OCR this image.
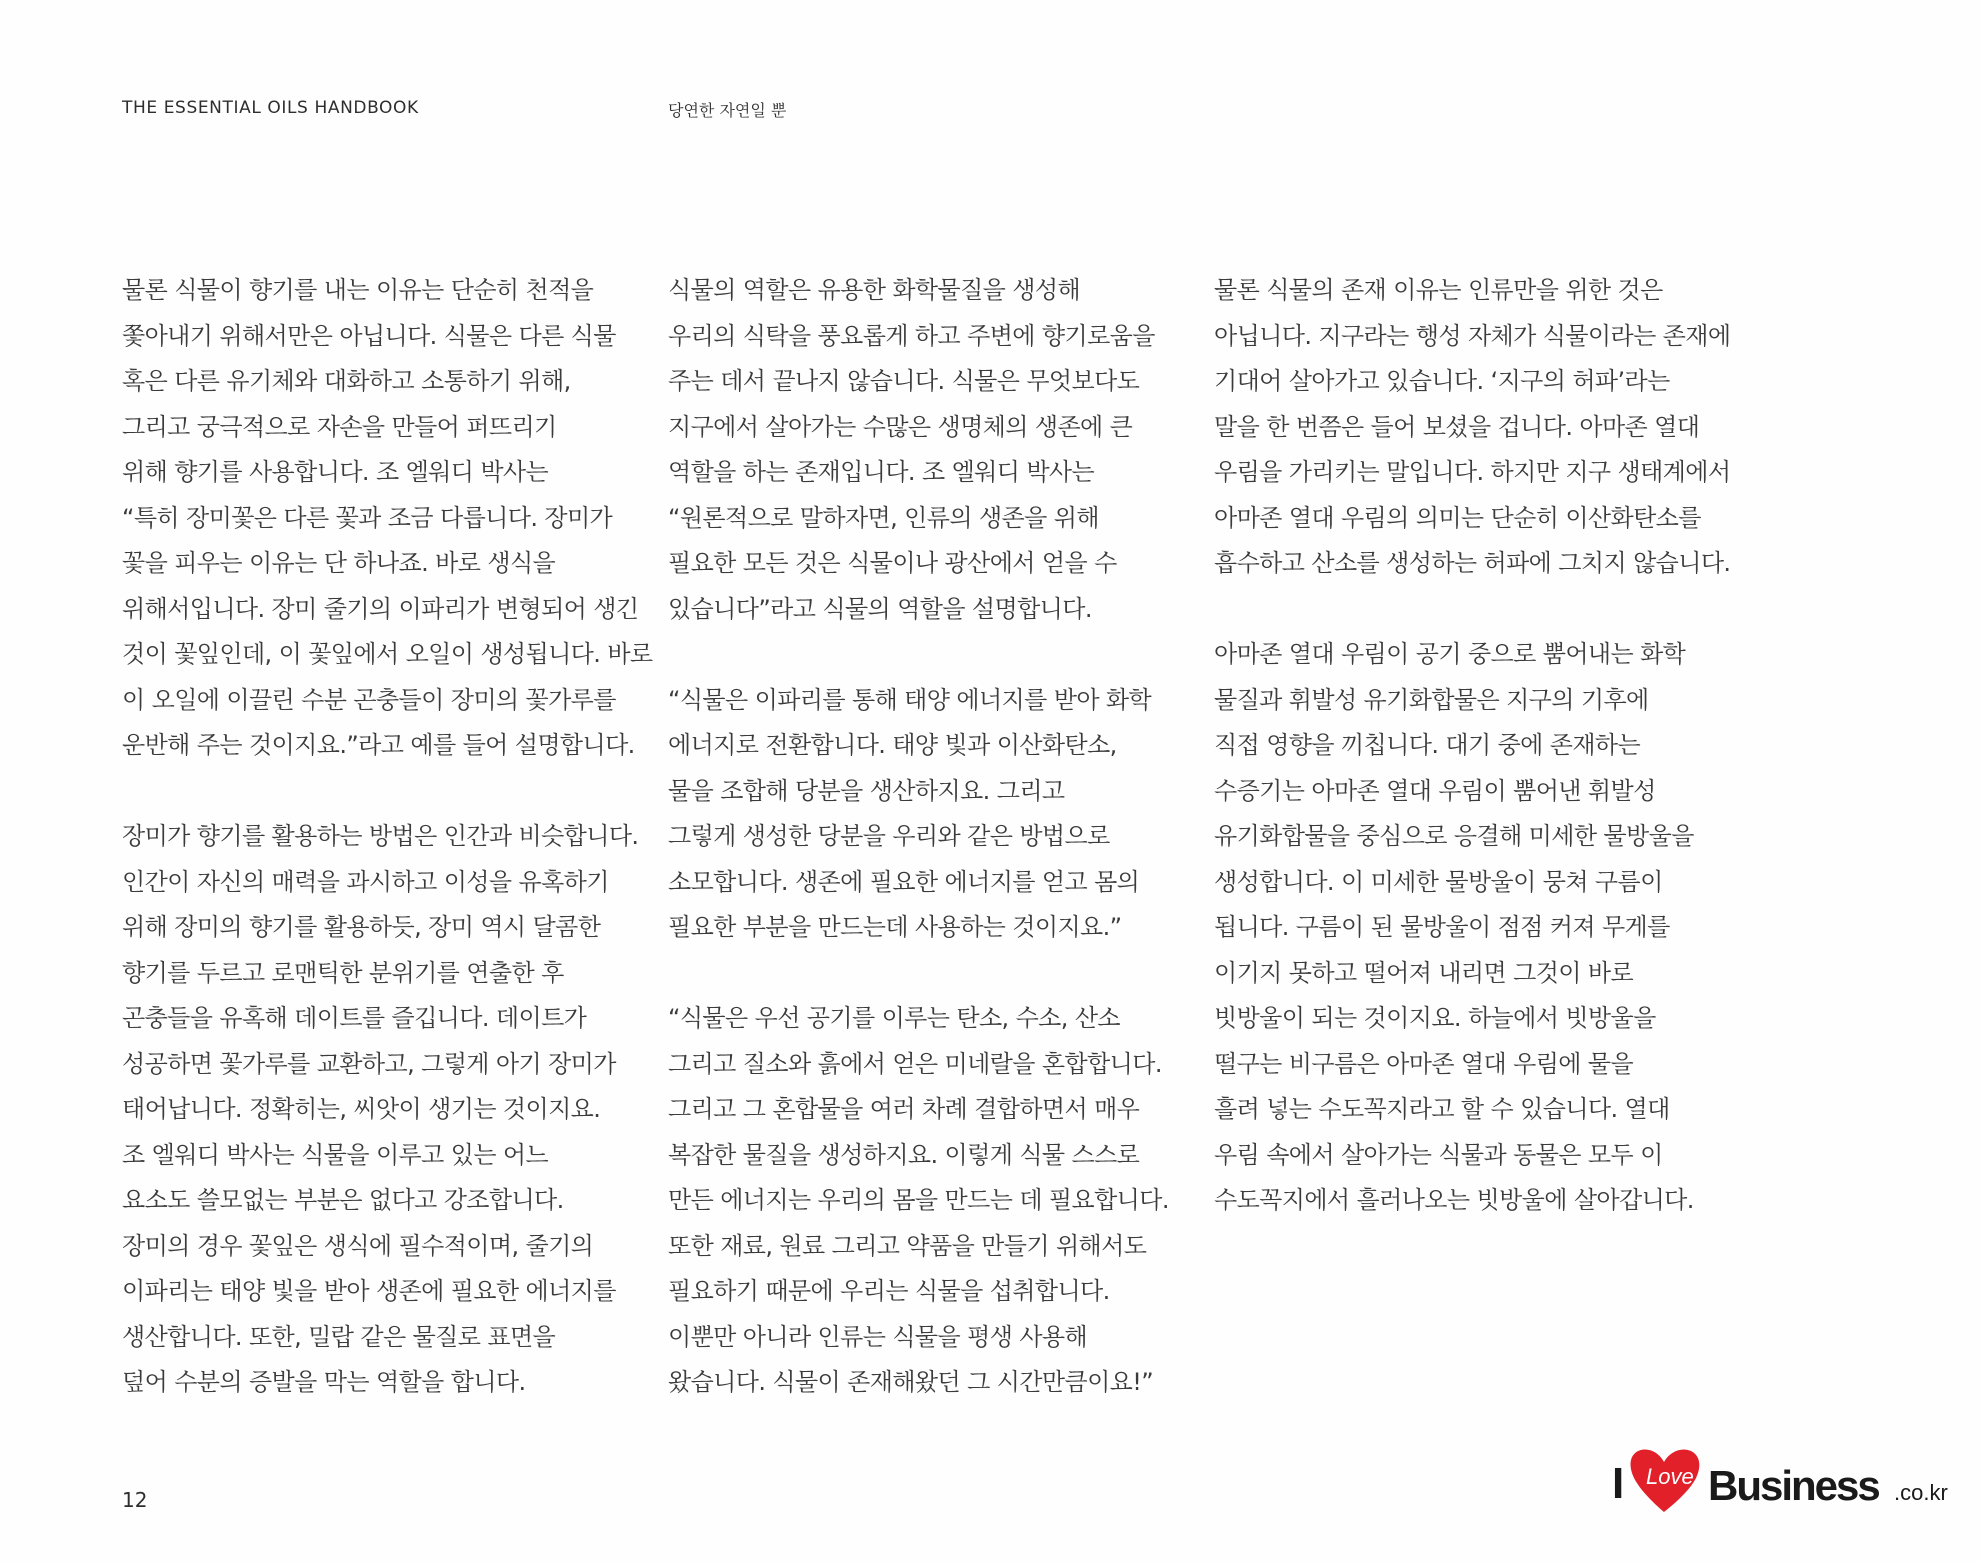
THE ESSENTIAL OILS HANDBOOK	당연한 자연일 뿐

물론 식물이 향기를 내는 이유는 단순히 천적을
쫓아내기 위해서만은 아닙니다. 식물은 다른 식물
혹은 다른 유기체와 대화하고 소통하기 위해,
그리고 궁극적으로 자손을 만들어 퍼뜨리기
위해 향기를 사용합니다. 조 엘워디 박사는
“특히 장미꽃은 다른 꽃과 조금 다릅니다. 장미가
꽃을 피우는 이유는 단 하나죠. 바로 생식을
위해서입니다. 장미 줄기의 이파리가 변형되어 생긴
것이 꽃잎인데, 이 꽃잎에서 오일이 생성됩니다. 바로
이 오일에 이끌린 수분 곤충들이 장미의 꽃가루를
운반해 주는 것이지요.”라고 예를 들어 설명합니다.

장미가 향기를 활용하는 방법은 인간과 비슷합니다.
인간이 자신의 매력을 과시하고 이성을 유혹하기
위해 장미의 향기를 활용하듯, 장미 역시 달콤한
향기를 두르고 로맨틱한 분위기를 연출한 후
곤충들을 유혹해 데이트를 즐깁니다. 데이트가
성공하면 꽃가루를 교환하고, 그렇게 아기 장미가
태어납니다. 정확히는, 씨앗이 생기는 것이지요.
조 엘워디 박사는 식물을 이루고 있는 어느
요소도 쓸모없는 부분은 없다고 강조합니다.
장미의 경우 꽃잎은 생식에 필수적이며, 줄기의
이파리는 태양 빛을 받아 생존에 필요한 에너지를
생산합니다. 또한, 밀랍 같은 물질로 표면을
덮어 수분의 증발을 막는 역할을 합니다.

식물의 역할은 유용한 화학물질을 생성해
우리의 식탁을 풍요롭게 하고 주변에 향기로움을
주는 데서 끝나지 않습니다. 식물은 무엇보다도
지구에서 살아가는 수많은 생명체의 생존에 큰
역할을 하는 존재입니다. 조 엘워디 박사는
“원론적으로 말하자면, 인류의 생존을 위해
필요한 모든 것은 식물이나 광산에서 얻을 수
있습니다”라고 식물의 역할을 설명합니다.

“식물은 이파리를 통해 태양 에너지를 받아 화학
에너지로 전환합니다. 태양 빛과 이산화탄소,
물을 조합해 당분을 생산하지요. 그리고
그렇게 생성한 당분을 우리와 같은 방법으로
소모합니다. 생존에 필요한 에너지를 얻고 몸의
필요한 부분을 만드는데 사용하는 것이지요.”

“식물은 우선 공기를 이루는 탄소, 수소, 산소
그리고 질소와 흙에서 얻은 미네랄을 혼합합니다.
그리고 그 혼합물을 여러 차례 결합하면서 매우
복잡한 물질을 생성하지요. 이렇게 식물 스스로
만든 에너지는 우리의 몸을 만드는 데 필요합니다.
또한 재료, 원료 그리고 약품을 만들기 위해서도
필요하기 때문에 우리는 식물을 섭취합니다.
이뿐만 아니라 인류는 식물을 평생 사용해
왔습니다. 식물이 존재해왔던 그 시간만큼이요!”

물론 식물의 존재 이유는 인류만을 위한 것은
아닙니다. 지구라는 행성 자체가 식물이라는 존재에
기대어 살아가고 있습니다. ‘지구의 허파’라는
말을 한 번쯤은 들어 보셨을 겁니다. 아마존 열대
우림을 가리키는 말입니다. 하지만 지구 생태계에서
아마존 열대 우림의 의미는 단순히 이산화탄소를
흡수하고 산소를 생성하는 허파에 그치지 않습니다.

아마존 열대 우림이 공기 중으로 뿜어내는 화학
물질과 휘발성 유기화합물은 지구의 기후에
직접 영향을 끼칩니다. 대기 중에 존재하는
수증기는 아마존 열대 우림이 뿜어낸 휘발성
유기화합물을 중심으로 응결해 미세한 물방울을
생성합니다. 이 미세한 물방울이 뭉쳐 구름이
됩니다. 구름이 된 물방울이 점점 커져 무게를
이기지 못하고 떨어져 내리면 그것이 바로
빗방울이 되는 것이지요. 하늘에서 빗방울을
떨구는 비구름은 아마존 열대 우림에 물을
흘려 넣는 수도꼭지라고 할 수 있습니다. 열대
우림 속에서 살아가는 식물과 동물은 모두 이
수도꼭지에서 흘러나오는 빗방울에 살아갑니다.

12	I Love Business .co.kr
